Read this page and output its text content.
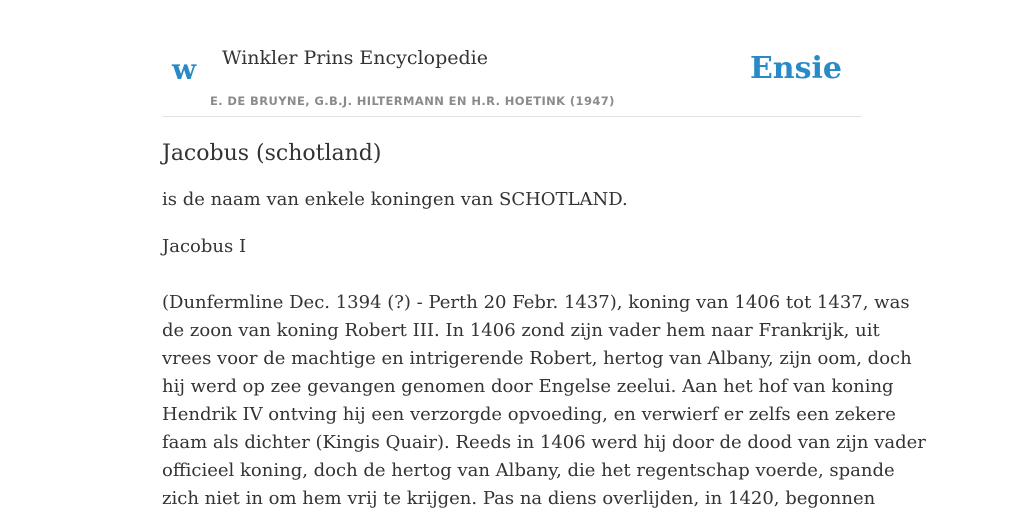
w Winkler Prins Encyclopedie
E. DE BRUYNE, G.B.J. HILTERMANN EN H.R. HOETINK (1947)
Ensie
Jacobus (schotland)

is de naam van enkele koningen van SCHOTLAND.

Jacobus I

(Dunfermline Dec. 1394 (?) - Perth 20 Febr. 1437), koning van 1406 tot 1437, was
de zoon van koning Robert III. In 1406 zond zijn vader hem naar Frankrijk, uit
vrees voor de machtige en intrigerende Robert, hertog van Albany, zijn oom, doch
hij werd op zee gevangen genomen door Engelse zeelui. Aan het hof van koning
Hendrik IV ontving hij een verzorgde opvoeding, en verwierf er zelfs een zekere
faam als dichter (Kingis Quair). Reeds in 1406 werd hij door de dood van zijn vader
officieel koning, doch de hertog van Albany, die het regentschap voerde, spande
zich niet in om hem vrij te krijgen. Pas na diens overlijden, in 1420, begonnen
